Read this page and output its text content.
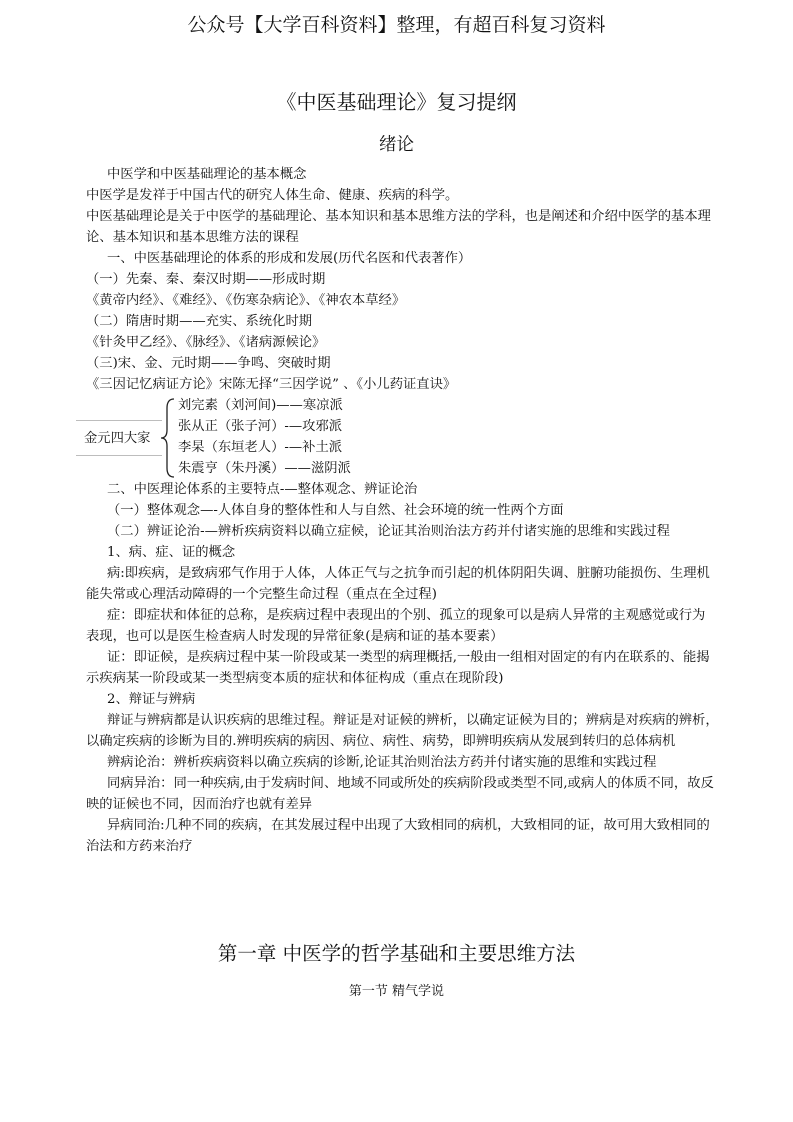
公众号【大学百科资料】整理，有超百科复习资料
《中医基础理论》复习提纲
绪论
中医学和中医基础理论的基本概念
中医学是发祥于中国古代的研究人体生命、健康、疾病的科学。
中医基础理论是关于中医学的基础理论、基本知识和基本思维方法的学科，也是阐述和介绍中医学的基本理
论、基本知识和基本思维方法的课程
一、中医基础理论的体系的形成和发展(历代名医和代表著作）
（一）先秦、秦、秦汉时期——形成时期
《黄帝内经》、《难经》、《伤寒杂病论》、《神农本草经》
（二）隋唐时期——充实、系统化时期
《针灸甲乙经》、《脉经》、《诸病源候论》
（三)宋、金、元时期——争鸣、突破时期
《三因记忆病证方论》宋陈无择“三因学说” 、《小儿药证直诀》
金元四大家
刘完素（刘河间)——寒凉派
张从正（张子河）-—攻邪派
李杲（东垣老人）-—补土派
朱震亨（朱丹溪）——滋阴派
二、中医理论体系的主要特点-—整体观念、辨证论治
（一）整体观念—-人体自身的整体性和人与自然、社会环境的统一性两个方面
（二）辨证论治-—辨析疾病资料以确立症候，论证其治则治法方药并付诸实施的思维和实践过程
1、病、症、证的概念
病:即疾病，是致病邪气作用于人体，人体正气与之抗争而引起的机体阴阳失调、脏腑功能损伤、生理机
能失常或心理活动障碍的一个完整生命过程（重点在全过程)
症：即症状和体征的总称，是疾病过程中表现出的个别、孤立的现象可以是病人异常的主观感觉或行为
表现，也可以是医生检查病人时发现的异常征象(是病和证的基本要素）
证：即证候，是疾病过程中某一阶段或某一类型的病理概括,一般由一组相对固定的有内在联系的、能揭
示疾病某一阶段或某一类型病变本质的症状和体征构成（重点在现阶段)
2、辩证与辨病
辩证与辨病都是认识疾病的思维过程。辩证是对证候的辨析，以确定证候为目的；辨病是对疾病的辨析，
以确定疾病的诊断为目的.辨明疾病的病因、病位、病性、病势，即辨明疾病从发展到转归的总体病机
辨病论治：辨析疾病资料以确立疾病的诊断,论证其治则治法方药并付诸实施的思维和实践过程
同病异治：同一种疾病,由于发病时间、地域不同或所处的疾病阶段或类型不同,或病人的体质不同，故反
映的证候也不同，因而治疗也就有差异
异病同治:几种不同的疾病，在其发展过程中出现了大致相同的病机，大致相同的证，故可用大致相同的
治法和方药来治疗
第一章 中医学的哲学基础和主要思维方法
第一节 精气学说
